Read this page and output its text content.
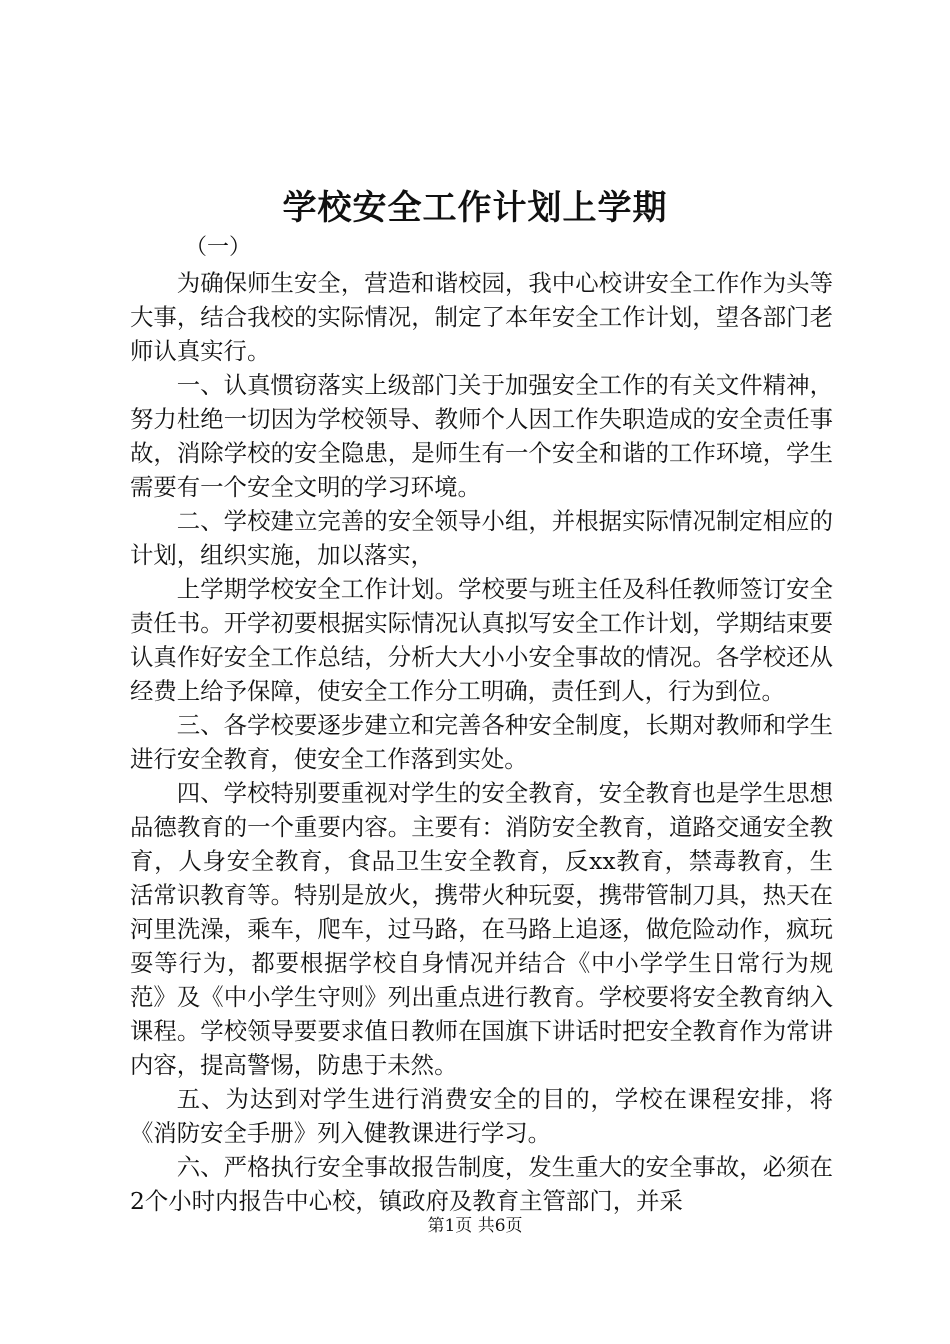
学校安全工作计划上学期
（一）

为确保师生安全，营造和谐校园，我中心校讲安全工作作为头等大事，结合我校的实际情况，制定了本年安全工作计划，望各部门老师认真实行。

一、认真惯窃落实上级部门关于加强安全工作的有关文件精神，努力杜绝一切因为学校领导、教师个人因工作失职造成的安全责任事故，消除学校的安全隐患，是师生有一个安全和谐的工作环境，学生需要有一个安全文明的学习环境。

二、学校建立完善的安全领导小组，并根据实际情况制定相应的计划，组织实施，加以落实，

上学期学校安全工作计划。学校要与班主任及科任教师签订安全责任书。开学初要根据实际情况认真拟写安全工作计划，学期结束要认真作好安全工作总结，分析大大小小安全事故的情况。各学校还从经费上给予保障，使安全工作分工明确，责任到人，行为到位。

三、各学校要逐步建立和完善各种安全制度，长期对教师和学生进行安全教育，使安全工作落到实处。

四、学校特别要重视对学生的安全教育，安全教育也是学生思想品德教育的一个重要内容。主要有：消防安全教育，道路交通安全教育，人身安全教育，食品卫生安全教育，反xx教育，禁毒教育，生活常识教育等。特别是放火，携带火种玩耍，携带管制刀具，热天在河里洗澡，乘车，爬车，过马路，在马路上追逐，做危险动作，疯玩耍等行为，都要根据学校自身情况并结合《中小学学生日常行为规范》及《中小学生守则》列出重点进行教育。学校要将安全教育纳入课程。学校领导要要求值日教师在国旗下讲话时把安全教育作为常讲内容，提高警惕，防患于未然。

五、为达到对学生进行消费安全的目的，学校在课程安排，将《消防安全手册》列入健教课进行学习。

六、严格执行安全事故报告制度，发生重大的安全事故，必须在2个小时内报告中心校，镇政府及教育主管部门，并采

第1页 共6页
